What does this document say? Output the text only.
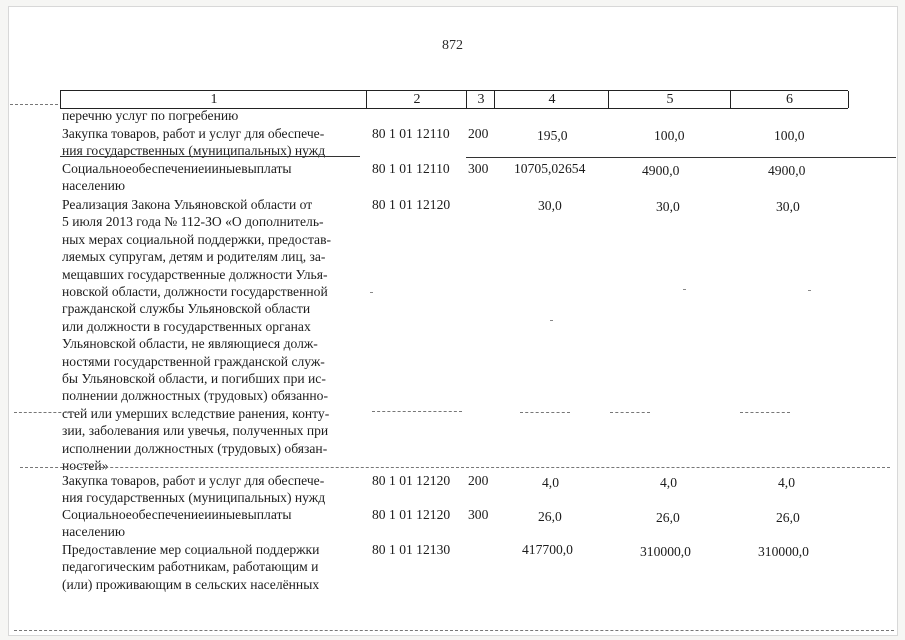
872
1	2	3	4	5	6
перечню услуг по погребению
Закупка товаров, работ и услуг для обеспече-
ния государственных (муниципальных) нужд
80 1 01 12110 200	195,0	100,0	100,0
Социальноеобеспечениеииныевыплаты
населению
80 1 01 12110 300 10705,02654	4900,0	4900,0
Реализация Закона Ульяновской области от
5 июля 2013 года № 112-ЗО «О дополнитель-
ных мерах социальной поддержки, предостав-
ляемых супругам, детям и родителям лиц, за-
мещавших государственные должности Улья-
новской области, должности государственной
гражданской службы Ульяновской области
или должности в государственных органах
Ульяновской области, не являющиеся долж-
ностями государственной гражданской служ-
бы Ульяновской области, и погибших при ис-
полнении должностных (трудовых) обязанно-
стей или умерших вследствие ранения, конту-
зии, заболевания или увечья, полученных при
исполнении должностных (трудовых) обязан-
ностей»
80 1 01 12120	30,0	30,0	30,0
Закупка товаров, работ и услуг для обеспече-
ния государственных (муниципальных) нужд
80 1 01 12120 200	4,0	4,0	4,0
Социальноеобеспечениеииныевыплаты
населению
80 1 01 12120 300	26,0	26,0	26,0
Предоставление мер социальной поддержки
педагогическим работникам, работающим и
(или) проживающим в сельских населённых
80 1 01 12130	417700,0	310000,0	310000,0
